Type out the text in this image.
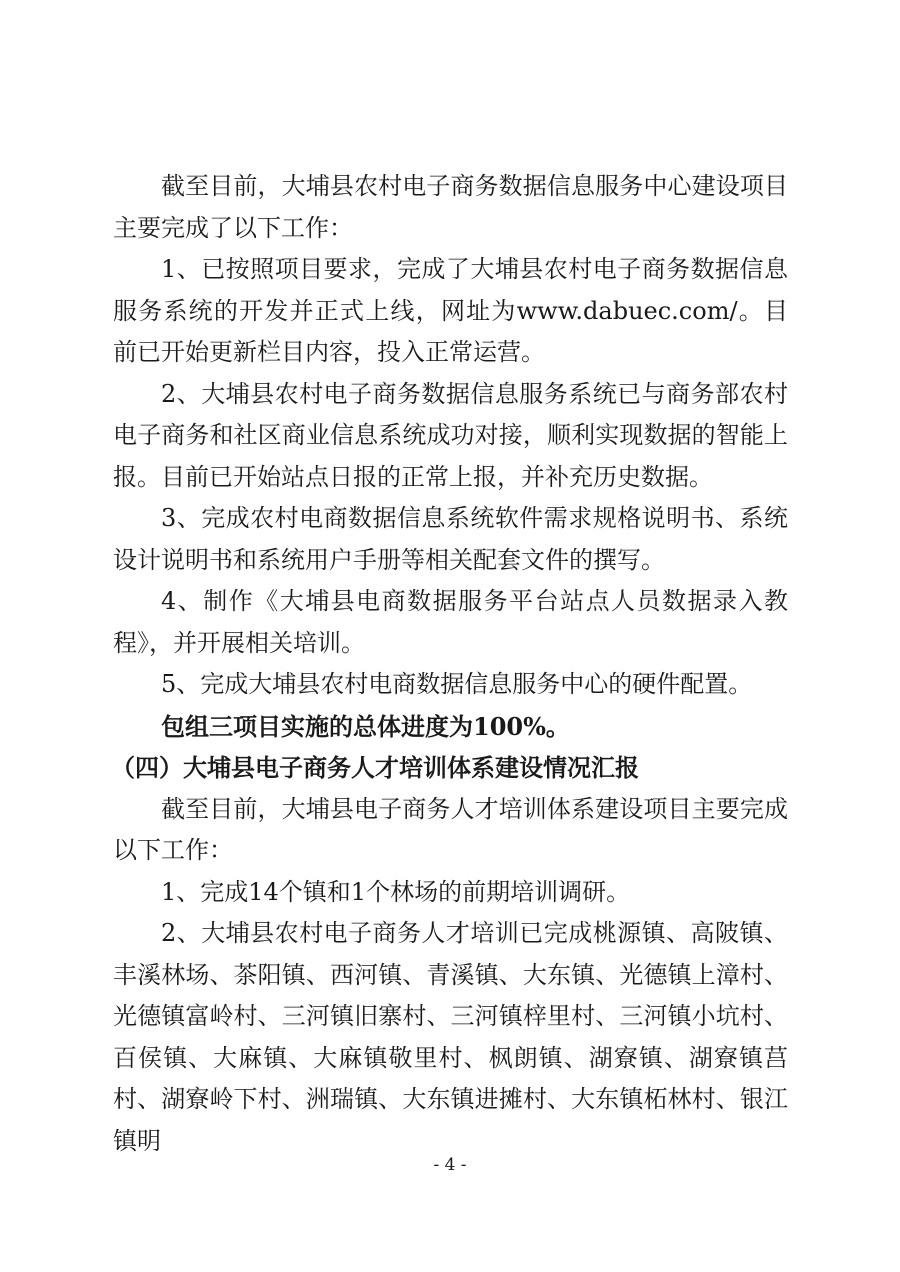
截至目前，大埔县农村电子商务数据信息服务中心建设项目主要完成了以下工作：

1、已按照项目要求，完成了大埔县农村电子商务数据信息服务系统的开发并正式上线，网址为www.dabuec.com/。目前已开始更新栏目内容，投入正常运营。

2、大埔县农村电子商务数据信息服务系统已与商务部农村电子商务和社区商业信息系统成功对接，顺利实现数据的智能上报。目前已开始站点日报的正常上报，并补充历史数据。

3、完成农村电商数据信息系统软件需求规格说明书、系统设计说明书和系统用户手册等相关配套文件的撰写。

4、制作《大埔县电商数据服务平台站点人员数据录入教程》，并开展相关培训。

5、完成大埔县农村电商数据信息服务中心的硬件配置。

包组三项目实施的总体进度为100%。

（四）大埔县电子商务人才培训体系建设情况汇报

截至目前，大埔县电子商务人才培训体系建设项目主要完成以下工作：

1、完成14个镇和1个林场的前期培训调研。

2、大埔县农村电子商务人才培训已完成桃源镇、高陂镇、丰溪林场、茶阳镇、西河镇、青溪镇、大东镇、光德镇上漳村、光德镇富岭村、三河镇旧寨村、三河镇梓里村、三河镇小坑村、百侯镇、大麻镇、大麻镇敬里村、枫朗镇、湖寮镇、湖寮镇莒村、湖寮岭下村、洲瑞镇、大东镇进摊村、大东镇柘林村、银江镇明

- 4 -
